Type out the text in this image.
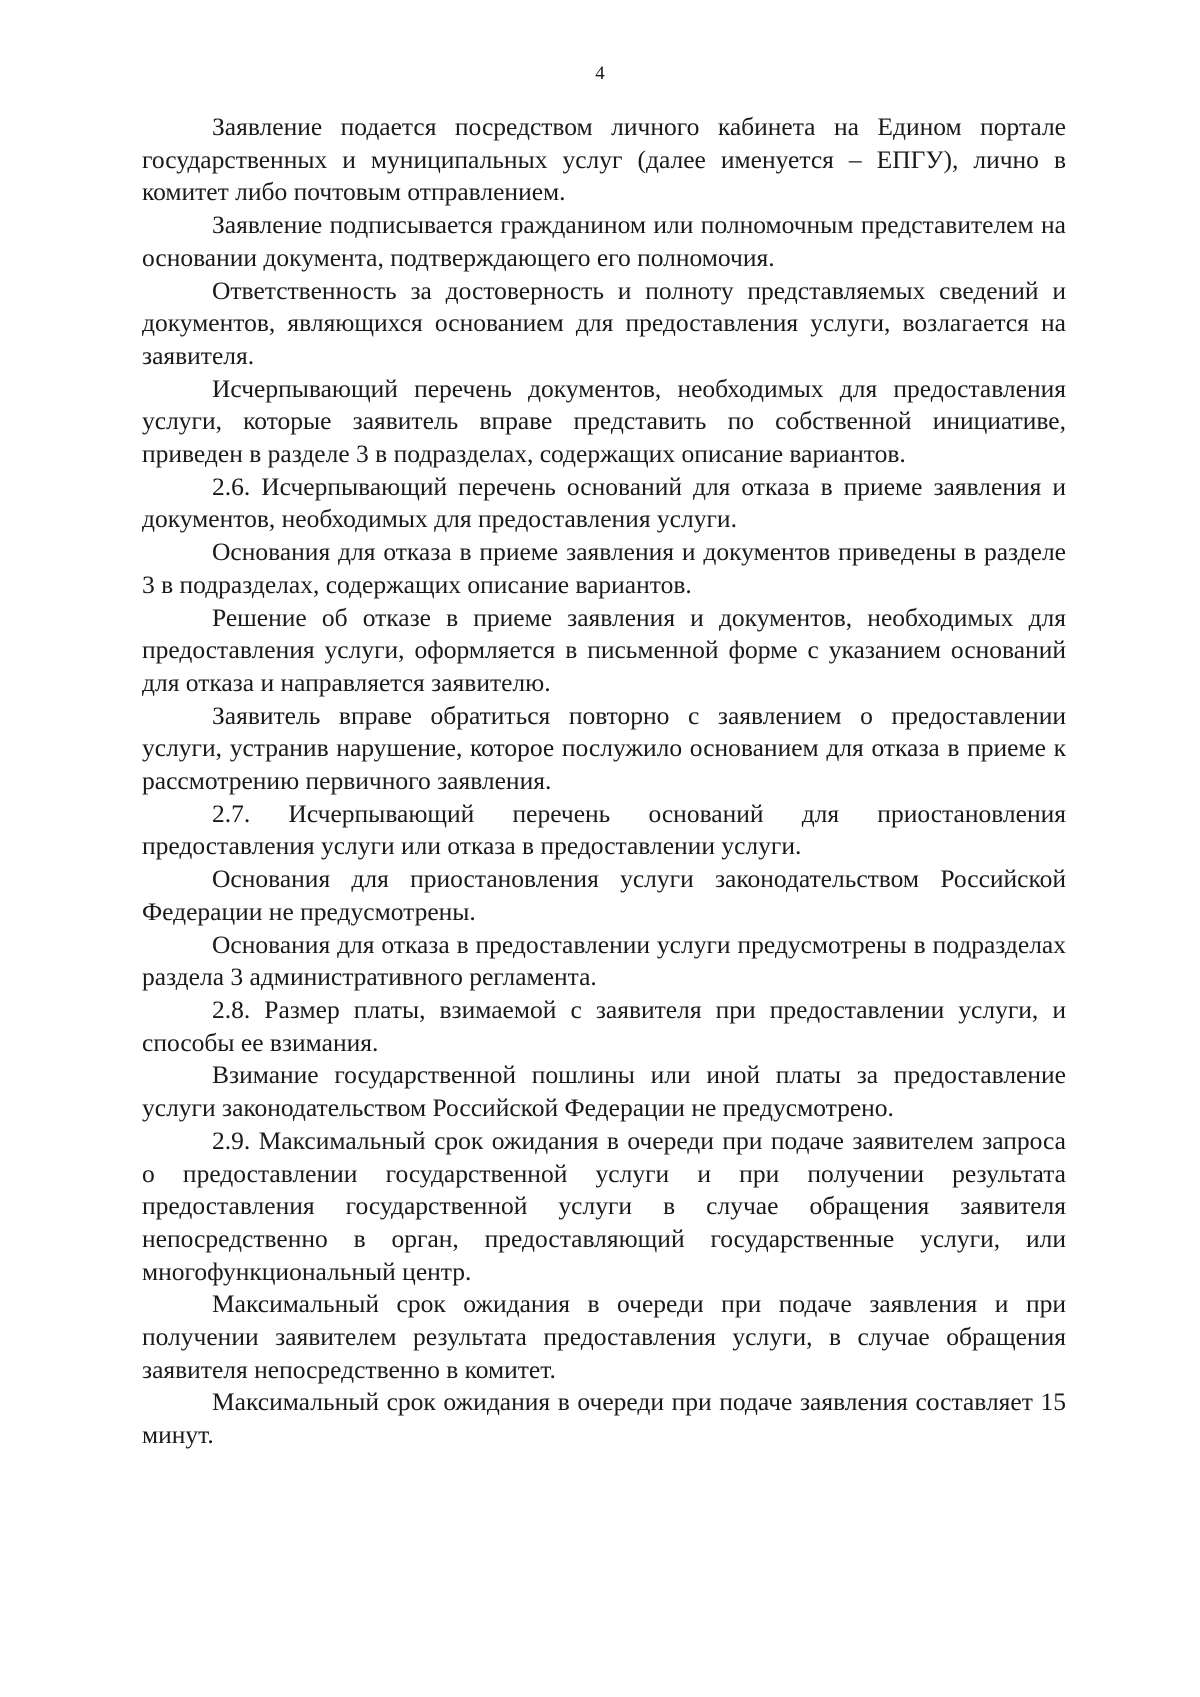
4

Заявление подается посредством личного кабинета на Едином портале государственных и муниципальных услуг (далее именуется – ЕПГУ), лично в комитет либо почтовым отправлением.

Заявление подписывается гражданином или полномочным представителем на основании документа, подтверждающего его полномочия.

Ответственность за достоверность и полноту представляемых сведений и документов, являющихся основанием для предоставления услуги, возлагается на заявителя.

Исчерпывающий перечень документов, необходимых для предоставления услуги, которые заявитель вправе представить по собственной инициативе, приведен в разделе 3 в подразделах, содержащих описание вариантов.

2.6. Исчерпывающий перечень оснований для отказа в приеме заявления и документов, необходимых для предоставления услуги.

Основания для отказа в приеме заявления и документов приведены в разделе 3 в подразделах, содержащих описание вариантов.

Решение об отказе в приеме заявления и документов, необходимых для предоставления услуги, оформляется в письменной форме с указанием оснований для отказа и направляется заявителю.

Заявитель вправе обратиться повторно с заявлением о предоставлении услуги, устранив нарушение, которое послужило основанием для отказа в приеме к рассмотрению первичного заявления.

2.7. Исчерпывающий перечень оснований для приостановления предоставления услуги или отказа в предоставлении услуги.

Основания для приостановления услуги законодательством Российской Федерации не предусмотрены.

Основания для отказа в предоставлении услуги предусмотрены в подразделах раздела 3 административного регламента.

2.8. Размер платы, взимаемой с заявителя при предоставлении услуги, и способы ее взимания.

Взимание государственной пошлины или иной платы за предоставление услуги законодательством Российской Федерации не предусмотрено.

2.9. Максимальный срок ожидания в очереди при подаче заявителем запроса о предоставлении государственной услуги и при получении результата предоставления государственной услуги в случае обращения заявителя непосредственно в орган, предоставляющий государственные услуги, или многофункциональный центр.

Максимальный срок ожидания в очереди при подаче заявления и при получении заявителем результата предоставления услуги, в случае обращения заявителя непосредственно в комитет.

Максимальный срок ожидания в очереди при подаче заявления составляет 15 минут.
